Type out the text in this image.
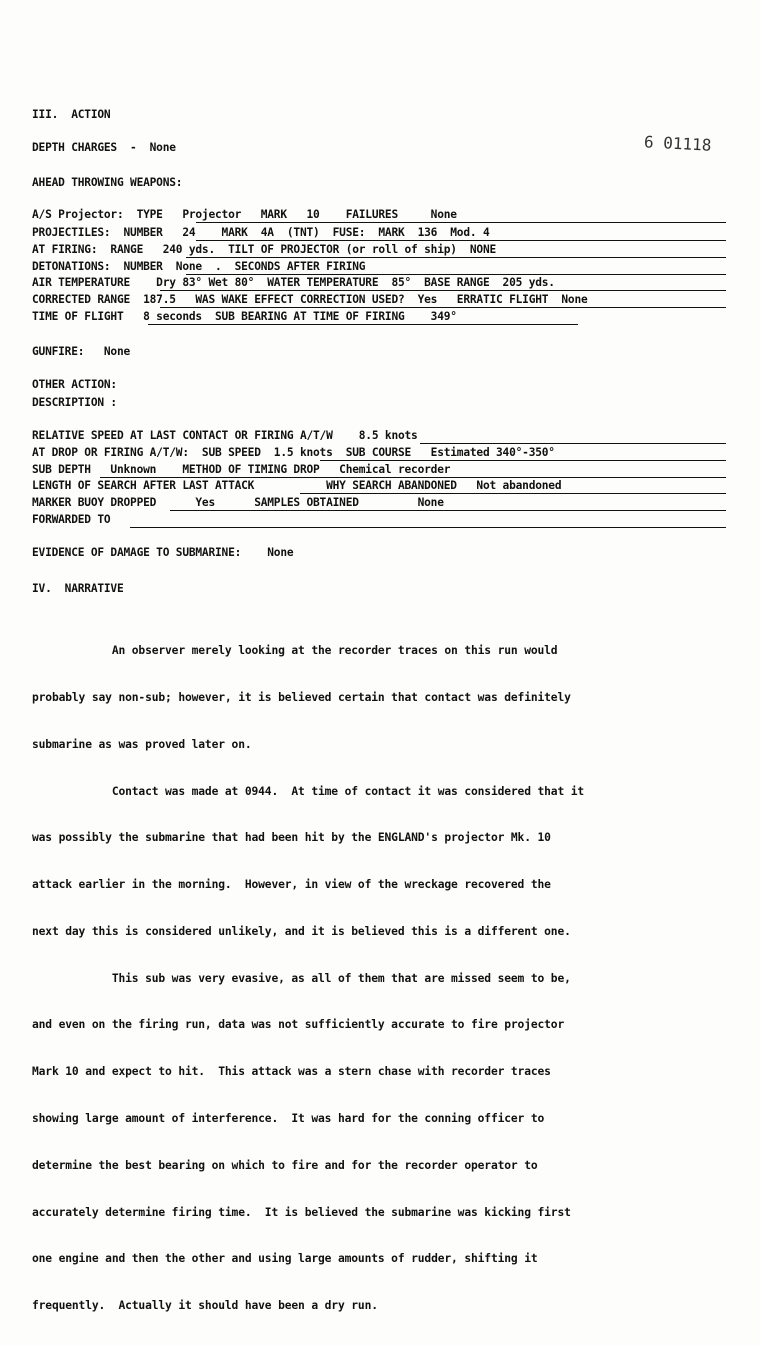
6 01118
III.  ACTION
DEPTH CHARGES  -  None
AHEAD THROWING WEAPONS:
A/S Projector:  TYPE   Projector   MARK   10    FAILURES     None
PROJECTILES:  NUMBER   24    MARK  4A  (TNT)  FUSE:  MARK  136  Mod. 4
AT FIRING:  RANGE   240 yds.  TILT OF PROJECTOR (or roll of ship)  NONE
DETONATIONS:  NUMBER  None  .  SECONDS AFTER FIRING
AIR TEMPERATURE    Dry 83° Wet 80°  WATER TEMPERATURE  85°  BASE RANGE  205 yds.
CORRECTED RANGE  187.5   WAS WAKE EFFECT CORRECTION USED?  Yes   ERRATIC FLIGHT  None
TIME OF FLIGHT   8 seconds  SUB BEARING AT TIME OF FIRING    349°
GUNFIRE:   None
OTHER ACTION:
DESCRIPTION :
RELATIVE SPEED AT LAST CONTACT OR FIRING A/T/W    8.5 knots
AT DROP OR FIRING A/T/W:  SUB SPEED  1.5 knots  SUB COURSE   Estimated 340°-350°
SUB DEPTH   Unknown    METHOD OF TIMING DROP   Chemical recorder
LENGTH OF SEARCH AFTER LAST ATTACK           WHY SEARCH ABANDONED   Not abandoned
MARKER BUOY DROPPED      Yes      SAMPLES OBTAINED         None
FORWARDED TO
EVIDENCE OF DAMAGE TO SUBMARINE:    None
IV.  NARRATIVE

An observer merely looking at the recorder traces on this run would

probably say non-sub; however, it is believed certain that contact was definitely

submarine as was proved later on.

Contact was made at 0944.  At time of contact it was considered that it

was possibly the submarine that had been hit by the ENGLAND's projector Mk. 10

attack earlier in the morning.  However, in view of the wreckage recovered the

next day this is considered unlikely, and it is believed this is a different one.

This sub was very evasive, as all of them that are missed seem to be,

and even on the firing run, data was not sufficiently accurate to fire projector

Mark 10 and expect to hit.  This attack was a stern chase with recorder traces

showing large amount of interference.  It was hard for the conning officer to

determine the best bearing on which to fire and for the recorder operator to

accurately determine firing time.  It is believed the submarine was kicking first

one engine and then the other and using large amounts of rudder, shifting it

frequently.  Actually it should have been a dry run.
